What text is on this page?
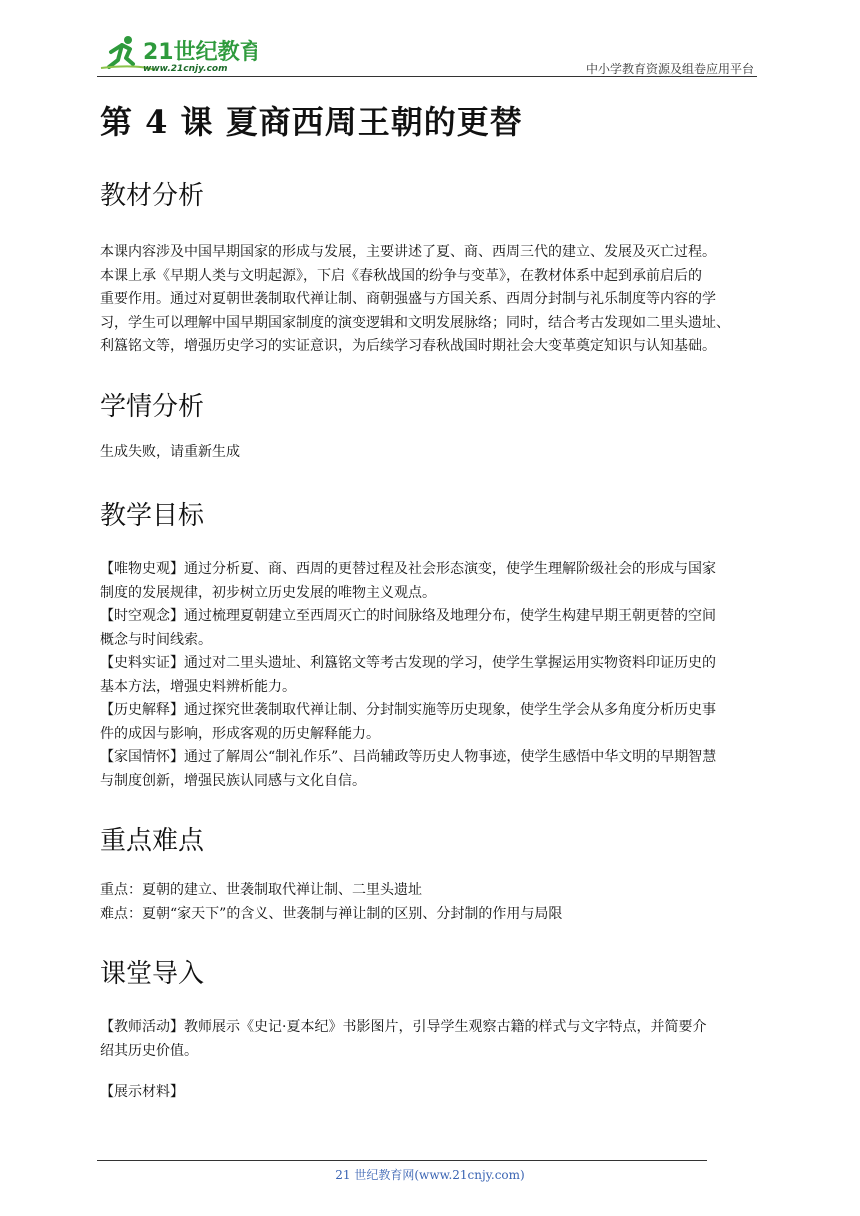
21世纪教育
www.21cnjy.com	中小学教育资源及组卷应用平台
第 4 课 夏商西周王朝的更替
教材分析

本课内容涉及中国早期国家的形成与发展，主要讲述了夏、商、西周三代的建立、发展及灭亡过程。

本课上承《早期人类与文明起源》，下启《春秋战国的纷争与变革》，在教材体系中起到承前启后的

重要作用。通过对夏朝世袭制取代禅让制、商朝强盛与方国关系、西周分封制与礼乐制度等内容的学

习，学生可以理解中国早期国家制度的演变逻辑和文明发展脉络；同时，结合考古发现如二里头遗址、

利簋铭文等，增强历史学习的实证意识，为后续学习春秋战国时期社会大变革奠定知识与认知基础。

学情分析

生成失败，请重新生成

教学目标

【唯物史观】通过分析夏、商、西周的更替过程及社会形态演变，使学生理解阶级社会的形成与国家

制度的发展规律，初步树立历史发展的唯物主义观点。

【时空观念】通过梳理夏朝建立至西周灭亡的时间脉络及地理分布，使学生构建早期王朝更替的空间

概念与时间线索。

【史料实证】通过对二里头遗址、利簋铭文等考古发现的学习，使学生掌握运用实物资料印证历史的

基本方法，增强史料辨析能力。

【历史解释】通过探究世袭制取代禅让制、分封制实施等历史现象，使学生学会从多角度分析历史事

件的成因与影响，形成客观的历史解释能力。

【家国情怀】通过了解周公“制礼作乐”、吕尚辅政等历史人物事迹，使学生感悟中华文明的早期智慧

与制度创新，增强民族认同感与文化自信。

重点难点

重点：夏朝的建立、世袭制取代禅让制、二里头遗址

难点：夏朝“家天下”的含义、世袭制与禅让制的区别、分封制的作用与局限

课堂导入

【教师活动】教师展示《史记·夏本纪》书影图片，引导学生观察古籍的样式与文字特点，并简要介

绍其历史价值。

【展示材料】

21 世纪教育网(www.21cnjy.com)
